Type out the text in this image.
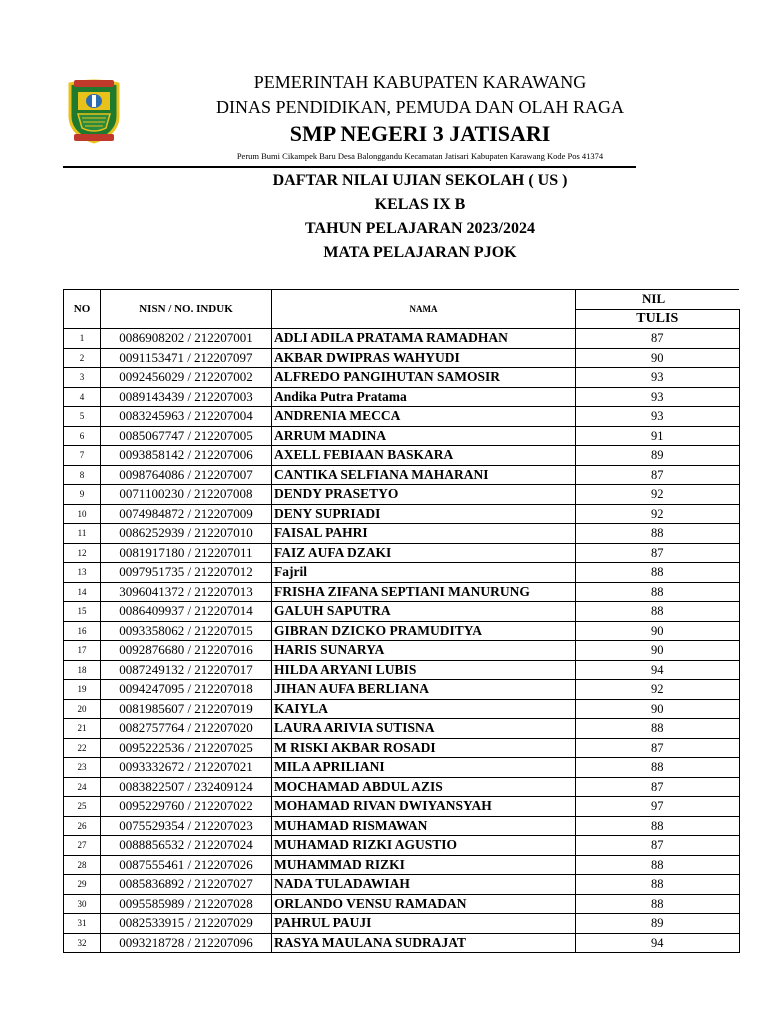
PEMERINTAH KABUPATEN KARAWANG
DINAS PENDIDIKAN, PEMUDA DAN OLAH RAGA
SMP NEGERI 3 JATISARI
Perum Bumi Cikampek Baru Desa Balonggandu Kecamatan Jatisari Kabupaten Karawang Kode Pos 41374
DAFTAR NILAI UJIAN SEKOLAH ( US )
KELAS IX B
TAHUN PELAJARAN 2023/2024
MATA PELAJARAN PJOK
NO	NISN / NO. INDUK	NAMA	NIL
			TULIS
1	0086908202 / 212207001	ADLI ADILA PRATAMA RAMADHAN	87
2	0091153471 / 212207097	AKBAR DWIPRAS WAHYUDI	90
3	0092456029 / 212207002	ALFREDO PANGIHUTAN SAMOSIR	93
4	0089143439 / 212207003	Andika Putra Pratama	93
5	0083245963 / 212207004	ANDRENIA MECCA	93
6	0085067747 / 212207005	ARRUM MADINA	91
7	0093858142 / 212207006	AXELL FEBIAAN BASKARA	89
8	0098764086 / 212207007	CANTIKA SELFIANA MAHARANI	87
9	0071100230 / 212207008	DENDY PRASETYO	92
10	0074984872 / 212207009	DENY SUPRIADI	92
11	0086252939 / 212207010	FAISAL PAHRI	88
12	0081917180 / 212207011	FAIZ AUFA DZAKI	87
13	0097951735 / 212207012	Fajril	88
14	3096041372 / 212207013	FRISHA ZIFANA SEPTIANI MANURUNG	88
15	0086409937 / 212207014	GALUH SAPUTRA	88
16	0093358062 / 212207015	GIBRAN DZICKO PRAMUDITYA	90
17	0092876680 / 212207016	HARIS SUNARYA	90
18	0087249132 / 212207017	HILDA ARYANI LUBIS	94
19	0094247095 / 212207018	JIHAN AUFA BERLIANA	92
20	0081985607 / 212207019	KAIYLA	90
21	0082757764 / 212207020	LAURA ARIVIA SUTISNA	88
22	0095222536 / 212207025	M RISKI AKBAR ROSADI	87
23	0093332672 / 212207021	MILA APRILIANI	88
24	0083822507 / 232409124	MOCHAMAD ABDUL AZIS	87
25	0095229760 / 212207022	MOHAMAD RIVAN DWIYANSYAH	97
26	0075529354 / 212207023	MUHAMAD RISMAWAN	88
27	0088856532 / 212207024	MUHAMAD RIZKI AGUSTIO	87
28	0087555461 / 212207026	MUHAMMAD RIZKI	88
29	0085836892 / 212207027	NADA TULADAWIAH	88
30	0095585989 / 212207028	ORLANDO VENSU RAMADAN	88
31	0082533915 / 212207029	PAHRUL PAUJI	89
32	0093218728 / 212207096	RASYA MAULANA SUDRAJAT	94
